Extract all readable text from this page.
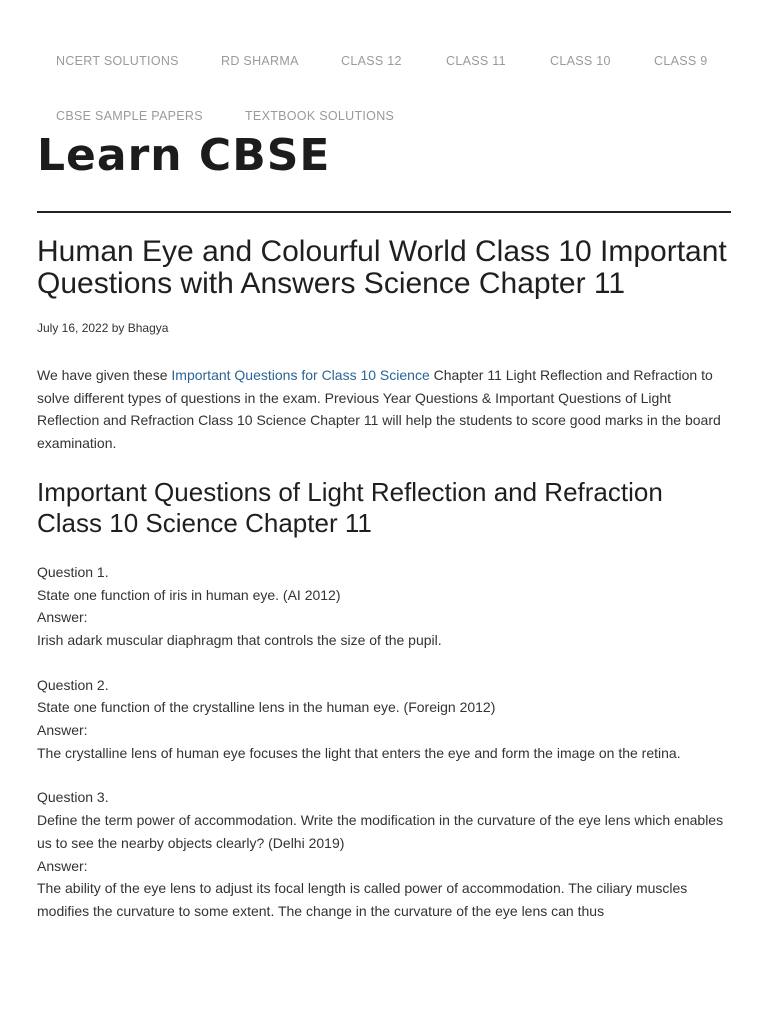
Learn CBSE
NCERT SOLUTIONS	RD SHARMA	CLASS 12	CLASS 11	CLASS 10	CLASS 9
CBSE SAMPLE PAPERS	TEXTBOOK SOLUTIONS
Human Eye and Colourful World Class 10 Important Questions with Answers Science Chapter 11

July 16, 2022 by Bhagya

We have given these Important Questions for Class 10 Science Chapter 11 Light Reflection and Refraction to solve different types of questions in the exam. Previous Year Questions & Important Questions of Light Reflection and Refraction Class 10 Science Chapter 11 will help the students to score good marks in the board examination.

Important Questions of Light Reflection and Refraction Class 10 Science Chapter 11

Question 1.

State one function of iris in human eye. (AI 2012)

Answer:

Irish adark muscular diaphragm that controls the size of the pupil.

Question 2.

State one function of the crystalline lens in the human eye. (Foreign 2012)

Answer:

The crystalline lens of human eye focuses the light that enters the eye and form the image on the retina.

Question 3.

Define the term power of accommodation. Write the modification in the curvature of the eye lens which enables us to see the nearby objects clearly? (Delhi 2019)

Answer:

The ability of the eye lens to adjust its focal length is called power of accommodation. The ciliary muscles modifies the curvature to some extent. The change in the curvature of the eye lens can thus
